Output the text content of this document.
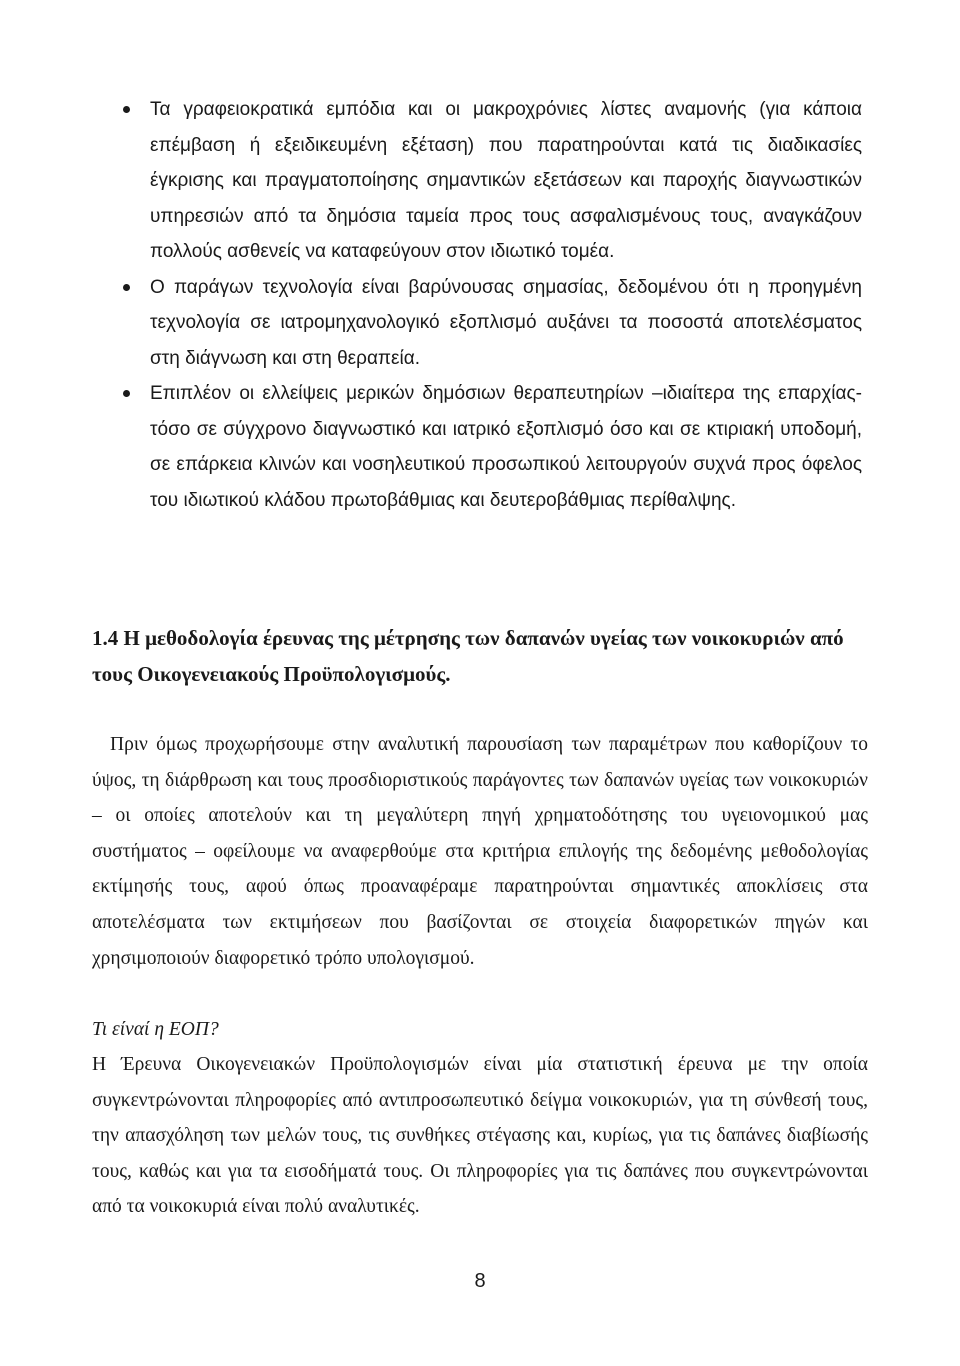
Τα γραφειοκρατικά εμπόδια και οι μακροχρόνιες λίστες αναμονής (για κάποια επέμβαση ή εξειδικευμένη εξέταση) που παρατηρούνται κατά τις διαδικασίες έγκρισης και πραγματοποίησης σημαντικών εξετάσεων και παροχής διαγνωστικών υπηρεσιών από τα δημόσια ταμεία προς τους ασφαλισμένους τους, αναγκάζουν πολλούς ασθενείς να καταφεύγουν στον ιδιωτικό τομέα.
Ο παράγων τεχνολογία είναι βαρύνουσας σημασίας, δεδομένου ότι η προηγμένη τεχνολογία σε ιατρομηχανολογικό εξοπλισμό αυξάνει τα ποσοστά αποτελέσματος στη διάγνωση και στη θεραπεία.
Επιπλέον οι ελλείψεις μερικών δημόσιων θεραπευτηρίων –ιδιαίτερα της επαρχίας- τόσο σε σύγχρονο διαγνωστικό και ιατρικό εξοπλισμό όσο και σε κτιριακή υποδομή, σε επάρκεια κλινών και νοσηλευτικού προσωπικού λειτουργούν συχνά προς όφελος του ιδιωτικού κλάδου πρωτοβάθμιας και δευτεροβάθμιας περίθαλψης.
1.4 Η μεθοδολογία έρευνας της μέτρησης των δαπανών υγείας των νοικοκυριών από τους Οικογενειακούς Προϋπολογισμούς.

Πριν όμως προχωρήσουμε στην αναλυτική παρουσίαση των παραμέτρων που καθορίζουν το ύψος, τη διάρθρωση και τους προσδιοριστικούς παράγοντες των δαπανών υγείας των νοικοκυριών – οι οποίες αποτελούν και τη μεγαλύτερη πηγή χρηματοδότησης του υγειονομικού μας συστήματος – οφείλουμε να αναφερθούμε στα κριτήρια επιλογής της δεδομένης μεθοδολογίας εκτίμησής τους, αφού όπως προαναφέραμε παρατηρούνται σημαντικές αποκλίσεις στα αποτελέσματα των εκτιμήσεων που βασίζονται σε στοιχεία διαφορετικών πηγών και χρησιμοποιούν διαφορετικό τρόπο υπολογισμού.

Τι είναί η ΕΟΠ?

Η Έρευνα Οικογενειακών Προϋπολογισμών είναι μία στατιστική έρευνα με την οποία συγκεντρώνονται πληροφορίες από αντιπροσωπευτικό δείγμα νοικοκυριών, για τη σύνθεσή τους, την απασχόληση των μελών τους, τις συνθήκες στέγασης και, κυρίως, για τις δαπάνες διαβίωσής τους, καθώς και για τα εισοδήματά τους. Οι πληροφορίες για τις δαπάνες που συγκεντρώνονται από τα νοικοκυριά είναι πολύ αναλυτικές.

8
